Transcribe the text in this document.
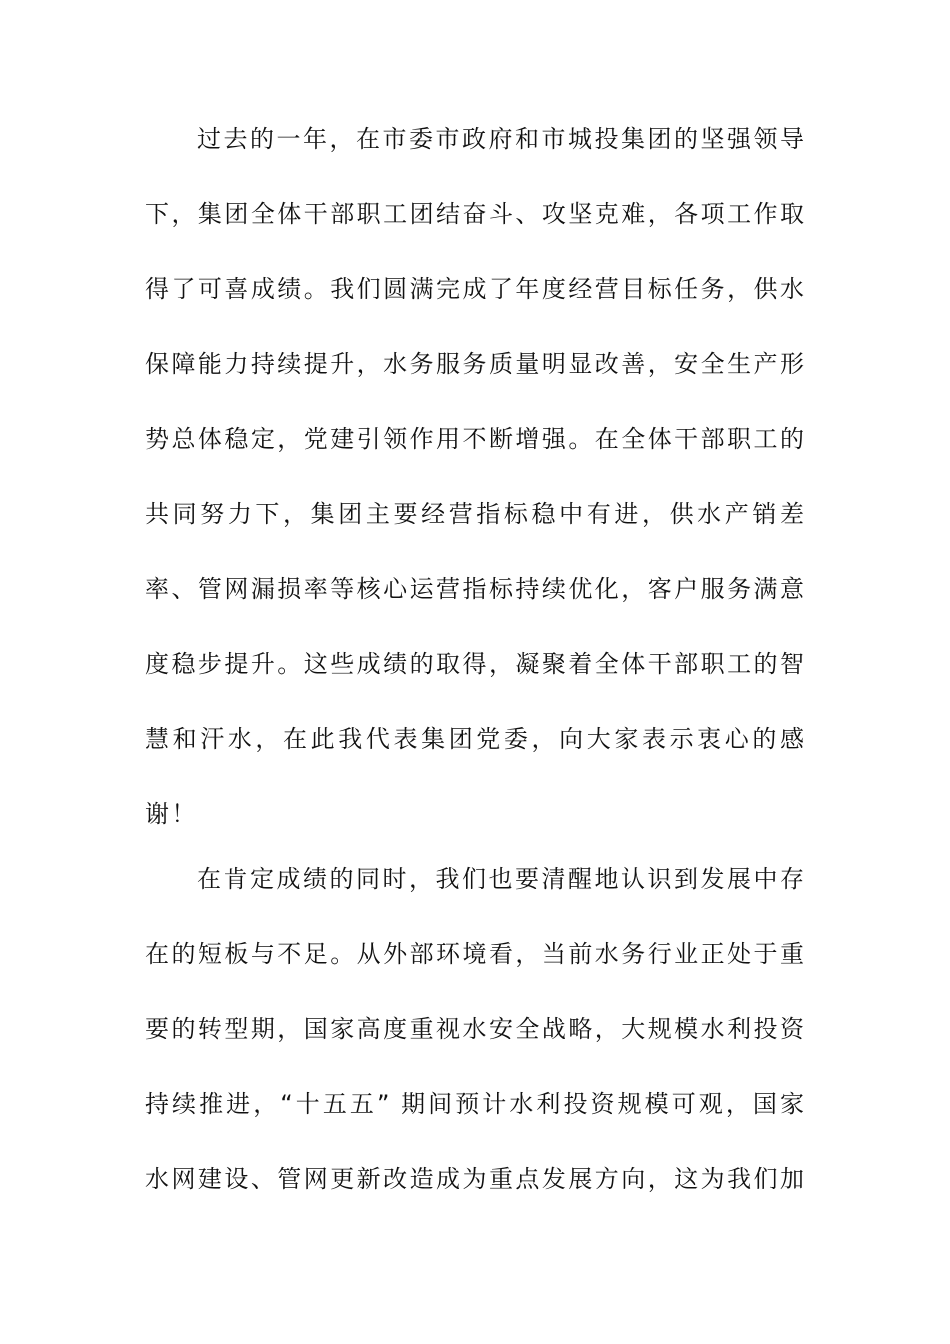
过去的一年，在市委市政府和市城投集团的坚强领导
下，集团全体干部职工团结奋斗、攻坚克难，各项工作取
得了可喜成绩。我们圆满完成了年度经营目标任务，供水
保障能力持续提升，水务服务质量明显改善，安全生产形
势总体稳定，党建引领作用不断增强。在全体干部职工的
共同努力下，集团主要经营指标稳中有进，供水产销差
率、管网漏损率等核心运营指标持续优化，客户服务满意
度稳步提升。这些成绩的取得，凝聚着全体干部职工的智
慧和汗水，在此我代表集团党委，向大家表示衷心的感
谢！
在肯定成绩的同时，我们也要清醒地认识到发展中存
在的短板与不足。从外部环境看，当前水务行业正处于重
要的转型期，国家高度重视水安全战略，大规模水利投资
持续推进，“十五五” 期间预计水利投资规模可观，国家
水网建设、管网更新改造成为重点发展方向，这为我们加
